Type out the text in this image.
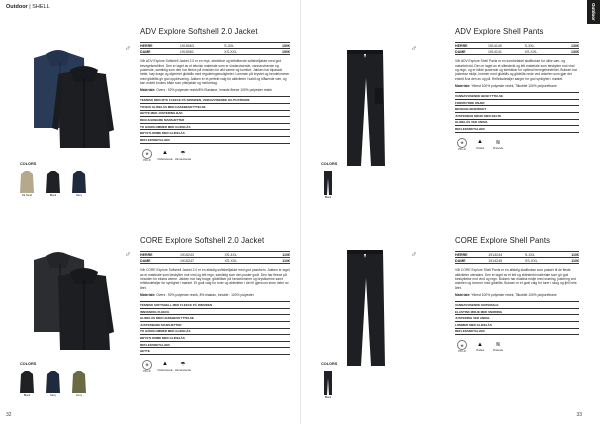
Outdoor | SHELL
♂
ADV Explore Softshell 2.0 Jacket
HERRE	1915063	S-3XL	150€
DAME	1915061	XS-XXL	150€

Vår ADV Explore Softshell Jacket 2.0 er en myk, strekkbar og tettsittende softshelljakke med god bevegelsesfrihet. Den er laget av et teknisk materiale som er vindavvisende, vannavvisende og pustende, samtidig som den har fleece på innsiden for økt varme og komfort. Jakken har tilpasset hette, høy krage og skjermet glidelås med reguleringsmuligheter. Lommen på brystet og hendelommer med glidelås gir god oppbevaring. Jakken er et perfekt valg for aktiviteter i kaldt og blåsende vær, og kan enkelt brukes både som ytterjakke og mellomlag.

Materiale: Overs : 92% polyester resirk/8% Elastane, Innside fleece 100% polyester resirk

TEKNISK MED MYK FLEECE PÅ INNSIDEN, VINDAVVISENDE OG PUSTENDE
TOVEIS GLIDELÅS MED HAKEBESKYTTELSE
HETTE MED JUSTERING BAK
REGULERBARE MANSJETTER
TO HÅNDLOMMER MED GLIDELÅS
BRYSTLOMME MED GLIDELÅS
REFLEKSDETALJER
❀
PFC-fri
▲
Vindavvisende
☂
Vannavvisende
COLORS
Dk Sand	Black	Navy
♂
CORE Explore Softshell 2.0 Jacket
HERRE	1915243	XS-4XL	110€
DAME	1915247	XS-XXL	110€

Vår CORE Explore Softshell Jacket 2.0 er en allsidig softshelljakke med god passform. Jakken er laget av et materiale som beskytter mot vind og lett regn, samtidig som den puster godt. Den har fleece på innsiden for ekstra varme. Jakken har høy krage, glidelåser på hendelommer og brystlomme samt refleksdetaljer for synlighet i mørket. Et godt valg for turer og aktiviteter i det fri gjennom store deler av året.

Materiale: Overs : 92% polyester resirk, 8% elastan, Innside : 100% polyester

TEKNISK SOFTSHELL MED FLEECE PÅ INNSIDEN
INNVENDIG FLEECE
GLIDELÅS MED HAKEBESKYTTELSE
JUSTERBARE MANSJETTER
TO HÅNDLOMMER MED GLIDELÅS
BRYSTLOMME MED GLIDELÅS
REFLEKSDETALJER
HETTE
❀
PFC-fri
▲
Vindavvisende
☂
Vannavvisende
COLORS
Black	Navy	Army
32
Outdoor
♂
ADV Explore Shell Pants
HERRE	1914140	S-3XL	130€
DAME	1914141	XS-XXL	130€

Vår ADV Explore Shell Pants er en komfortabel skallbukse for ulike vær- og naturforhold. Den er laget av et slitesterkt og lett materiale som beskytter mot vind og regn, og er både pustende og strekkbar for optimal bevegelsesfrihet. Buksen har justerbar midje, lommer med glidelås og glidelås nede ved ankelen som gjør det enkelt å ta den av og på. Refleksdetaljer sørger for god synlighet i mørket.

Materiale: Ytterst 100% polyester resirk, Tilkoblet 100% polyurethane

VANNAVVISENDE BESKYTTELSE
FORMSYDDE KNÆR
BEVEGELSESFRIHET
JUSTERBAR MIDJE MED BELTE
GLIDELÅS VED ANKEL
REFLEKSDETALJER
❀
PFC-fri
▲
Vindtett
≋
Pustende
COLORS
Black
♂
CORE Explore Shell Pants
HERRE	1914244	S-3XL	110€
DAME	1914245	XS-XXL	110€

Vår CORE Explore Shell Pants er en allsidig skallbukse som passer til de fleste aktiviteter utendørs. Den er laget av et lett og slitesterkt materiale som gir god beskyttelse mot vind og regn. Buksen har elastisk midje med snøring, justering ved ankelen og lommer med glidelås. Buksen er et godt valg for turer i skog og fjell hele året.

Materiale: Ytterst 100% polyester resirk, Tilkoblet 100% polyurethane

VANNAVVISENDE MATERIALE
ELASTISK MIDJE MED SNØRING
JUSTERING VED ANKEL
LOMMER MED GLIDELÅS
REFLEKSDETALJER
❀
PFC-fri
▲
Vindtett
≋
Pustende
COLORS
Black
33
